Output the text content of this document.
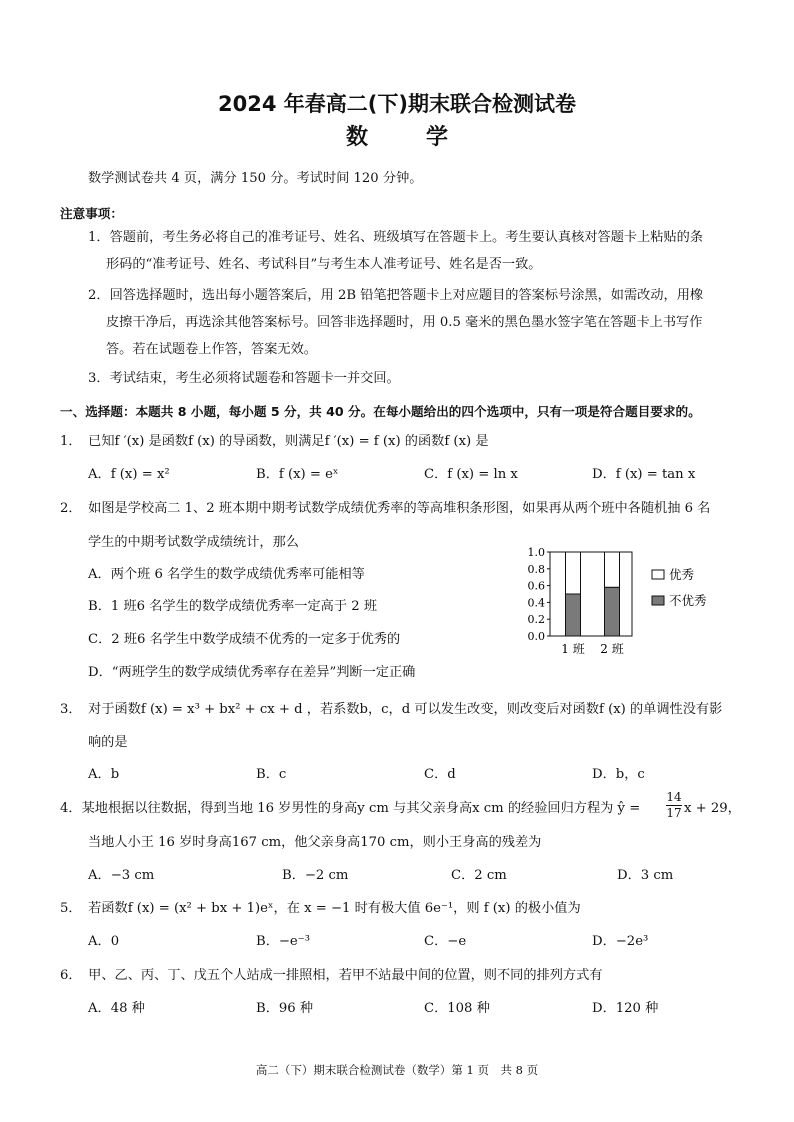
2024 年春高二(下)期末联合检测试卷
数　学
数学测试卷共 4 页，满分 150 分。考试时间 120 分钟。
注意事项：
1．答题前，考生务必将自己的准考证号、姓名、班级填写在答题卡上。考生要认真核对答题卡上粘贴的条
形码的“准考证号、姓名、考试科目”与考生本人准考证号、姓名是否一致。
2．回答选择题时，选出每小题答案后，用 2B 铅笔把答题卡上对应题目的答案标号涂黑，如需改动，用橡
皮擦干净后，再选涂其他答案标号。回答非选择题时，用 0.5 毫米的黑色墨水签字笔在答题卡上书写作
答。若在试题卷上作答，答案无效。
3．考试结束，考生必须将试题卷和答题卡一并交回。
一、选择题：本题共 8 小题，每小题 5 分，共 40 分。在每小题给出的四个选项中，只有一项是符合题目要求的。
1．　已知f ′(x) 是函数f (x) 的导函数，则满足f ′(x) = f (x) 的函数f (x) 是
A．f (x) = x²	B．f (x) = eˣ	C．f (x) = ln x	D．f (x) = tan x
2．　如图是学校高二 1、2 班本期中期考试数学成绩优秀率的等高堆积条形图，如果再从两个班中各随机抽 6 名
学生的中期考试数学成绩统计，那么
A．两个班 6 名学生的数学成绩优秀率可能相等
B．1 班6 名学生的数学成绩优秀率一定高于 2 班
C．2 班6 名学生中数学成绩不优秀的一定多于优秀的
D．“两班学生的数学成绩优秀率存在差异”判断一定正确
1.0
0.8
0.6
0.4
0.2
0.0
1 班 2 班
优秀
不优秀
3．　对于函数f (x) = x³ + bx² + cx + d ，若系数b，c，d 可以发生改变，则改变后对函数f (x) 的单调性没有影
响的是
A．b	B．c	C．d	D．b，c
4．某地根据以往数据，得到当地 16 岁男性的身高y cm 与其父亲身高x cm 的经验回归方程为 ŷ = $\frac{14}{17}$ x + 29，
当地人小王 16 岁时身高167 cm，他父亲身高170 cm，则小王身高的残差为
A．−3 cm	B．−2 cm	C．2 cm	D．3 cm
5．　若函数f (x) = (x² + bx + 1)eˣ，在 x = −1 时有极大值 6e⁻¹，则 f (x) 的极小值为
A．0	B．−e⁻³	C．−e	D．−2e³
6．　甲、乙、丙、丁、戊五个人站成一排照相，若甲不站最中间的位置，则不同的排列方式有
A．48 种	B．96 种	C．108 种	D．120 种
高二（下）期末联合检测试卷（数学）第 1 页　共 8 页
